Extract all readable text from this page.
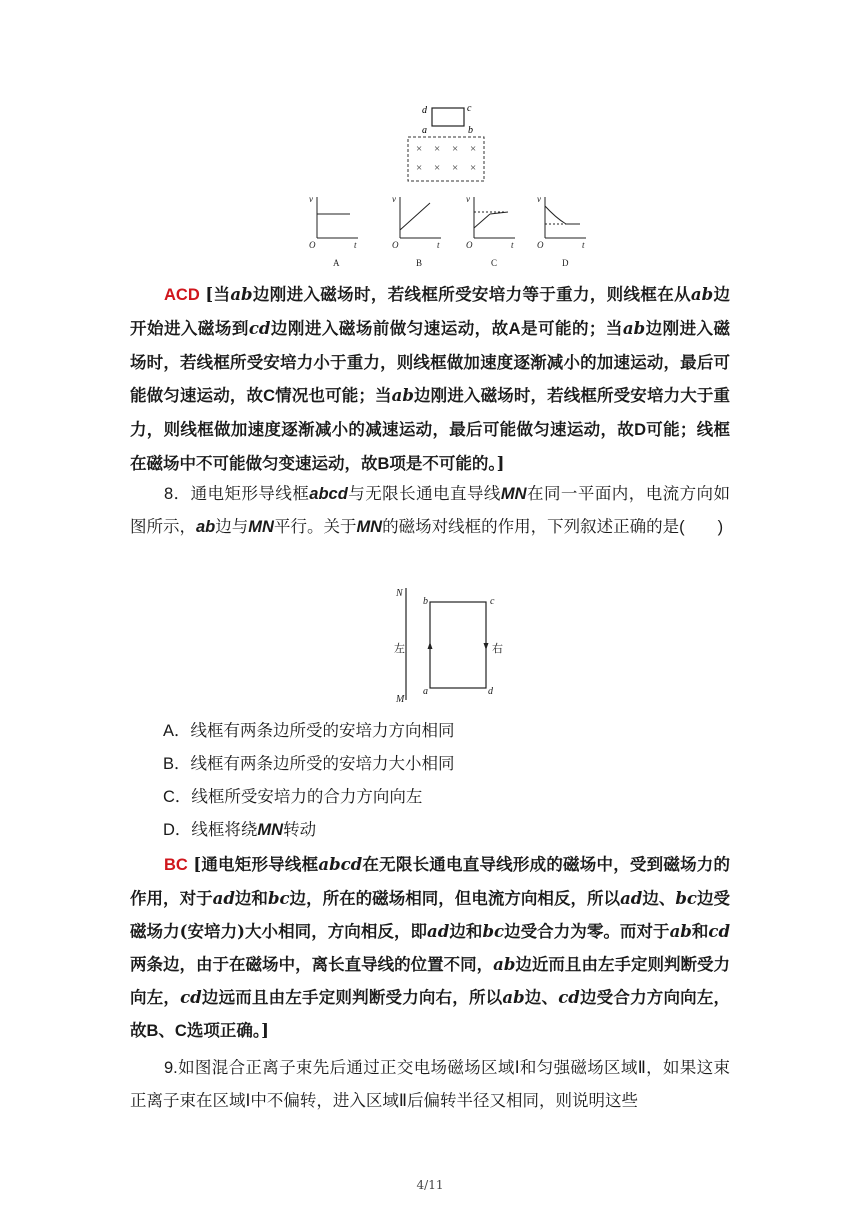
d	c
a	b
× × × ×
× × × ×
v
t
O
v
t
O
v
t
O
v
t
O
A	B	C	D

ACD [当ab边刚进入磁场时，若线框所受安培力等于重力，则线框在从ab边开始进入磁场到cd边刚进入磁场前做匀速运动，故A是可能的；当ab边刚进入磁场时，若线框所受安培力小于重力，则线框做加速度逐渐减小的加速运动，最后可能做匀速运动，故C情况也可能；当ab边刚进入磁场时，若线框所受安培力大于重力，则线框做加速度逐渐减小的减速运动，最后可能做匀速运动，故D可能；线框在磁场中不可能做匀变速运动，故B项是不可能的。]

8．通电矩形导线框abcd与无限长通电直导线MN在同一平面内，电流方向如图所示，ab边与MN平行。关于MN的磁场对线框的作用，下列叙述正确的是(　　)

N
M
b	c
a	d
左	右

A．线框有两条边所受的安培力方向相同

B．线框有两条边所受的安培力大小相同

C．线框所受安培力的合力方向向左

D．线框将绕MN转动

BC [通电矩形导线框abcd在无限长通电直导线形成的磁场中，受到磁场力的作用，对于ad边和bc边，所在的磁场相同，但电流方向相反，所以ad边、bc边受磁场力(安培力)大小相同，方向相反，即ad边和bc边受合力为零。而对于ab和cd两条边，由于在磁场中，离长直导线的位置不同，ab边近而且由左手定则判断受力向左，cd边远而且由左手定则判断受力向右，所以ab边、cd边受合力方向向左，故B、C选项正确。]

9.如图混合正离子束先后通过正交电场磁场区域Ⅰ和匀强磁场区域Ⅱ，如果这束正离子束在区域Ⅰ中不偏转，进入区域Ⅱ后偏转半径又相同，则说明这些

4/11
